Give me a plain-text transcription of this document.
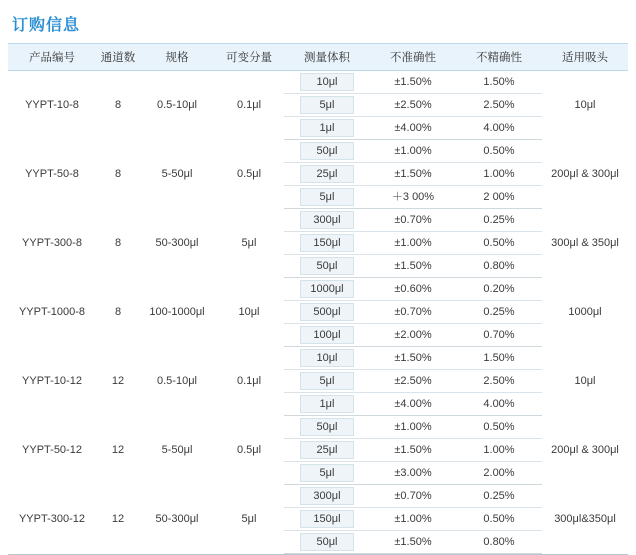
订购信息
产品编号	通道数	规格	可变分量	测量体积	不准确性	不精确性	适用吸头
YYPT-10-8	8	0.5-10μl	0.1μl	10μl	±1.50%	1.50%	10μl
				5μl	±2.50%	2.50%	
				1μl	±4.00%	4.00%	
YYPT-50-8	8	5-50μl	0.5μl	50μl	±1.00%	0.50%	200μl & 300μl
				25μl	±1.50%	1.00%	
				5μl	＋3 00%	2 00%	
YYPT-300-8	8	50-300μl	5μl	300μl	±0.70%	0.25%	300μl & 350μl
				150μl	±1.00%	0.50%	
				50μl	±1.50%	0.80%	
YYPT-1000-8	8	100-1000μl	10μl	1000μl	±0.60%	0.20%	1000μl
				500μl	±0.70%	0.25%	
				100μl	±2.00%	0.70%	
YYPT-10-12	12	0.5-10μl	0.1μl	10μl	±1.50%	1.50%	10μl
				5μl	±2.50%	2.50%	
				1μl	±4.00%	4.00%	
YYPT-50-12	12	5-50μl	0.5μl	50μl	±1.00%	0.50%	200μl & 300μl
				25μl	±1.50%	1.00%	
				5μl	±3.00%	2.00%	
YYPT-300-12	12	50-300μl	5μl	300μl	±0.70%	0.25%	300μl&350μl
				150μl	±1.00%	0.50%	
				50μl	±1.50%	0.80%	
